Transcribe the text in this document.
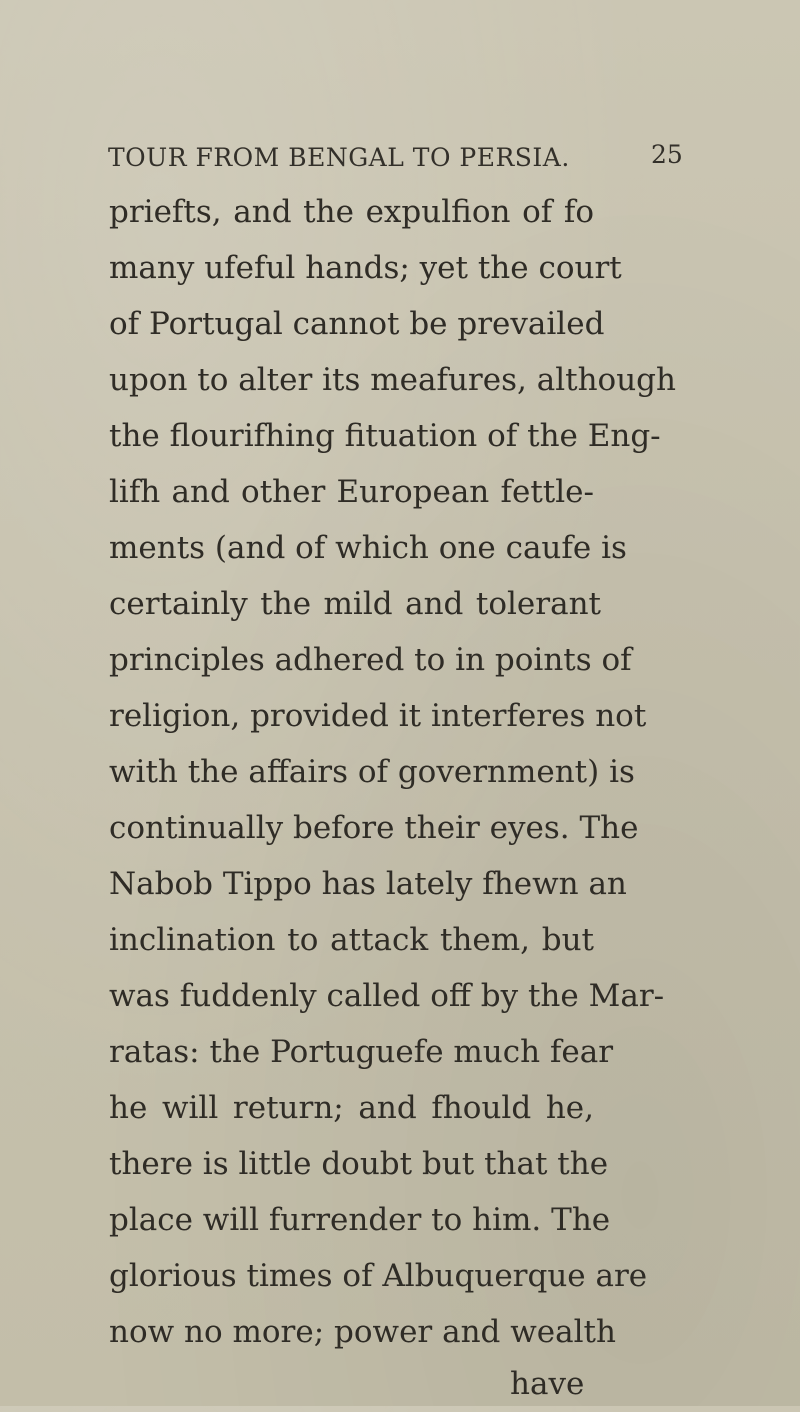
TOUR FROM BENGAL TO PERSIA.	25
priefts, and the expulfion of fo
many ufeful hands; yet the court
of Portugal cannot be prevailed
upon to alter its meafures, although
the flourifhing fituation of the Eng-
lifh and other European fettle-
ments (and of which one caufe is
certainly the mild and tolerant
principles adhered to in points of
religion, provided it interferes not
with the affairs of government) is
continually before their eyes. The
Nabob Tippo has lately fhewn an
inclination to attack them, but
was fuddenly called off by the Mar-
ratas: the Portuguefe much fear
he will return; and fhould he,
there is little doubt but that the
place will furrender to him. The
glorious times of Albuquerque are
now no more; power and wealth
have
